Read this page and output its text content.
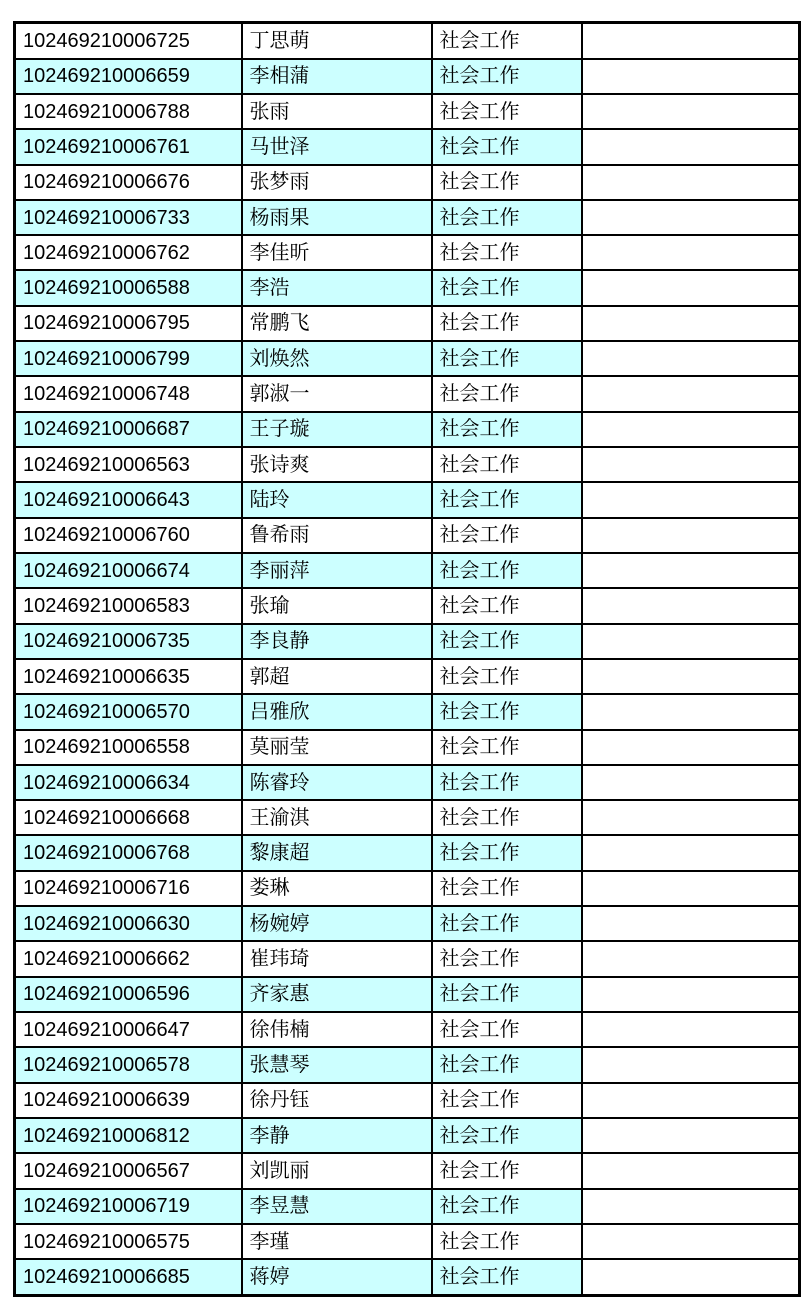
102469210006725	丁思萌	社会工作	
102469210006659	李相蒲	社会工作	
102469210006788	张雨	社会工作	
102469210006761	马世泽	社会工作	
102469210006676	张梦雨	社会工作	
102469210006733	杨雨果	社会工作	
102469210006762	李佳昕	社会工作	
102469210006588	李浩	社会工作	
102469210006795	常鹏飞	社会工作	
102469210006799	刘焕然	社会工作	
102469210006748	郭淑一	社会工作	
102469210006687	王子璇	社会工作	
102469210006563	张诗爽	社会工作	
102469210006643	陆玲	社会工作	
102469210006760	鲁希雨	社会工作	
102469210006674	李丽萍	社会工作	
102469210006583	张瑜	社会工作	
102469210006735	李良静	社会工作	
102469210006635	郭超	社会工作	
102469210006570	吕雅欣	社会工作	
102469210006558	莫丽莹	社会工作	
102469210006634	陈睿玲	社会工作	
102469210006668	王渝淇	社会工作	
102469210006768	黎康超	社会工作	
102469210006716	娄琳	社会工作	
102469210006630	杨婉婷	社会工作	
102469210006662	崔玮琦	社会工作	
102469210006596	齐家惠	社会工作	
102469210006647	徐伟楠	社会工作	
102469210006578	张慧琴	社会工作	
102469210006639	徐丹钰	社会工作	
102469210006812	李静	社会工作	
102469210006567	刘凯丽	社会工作	
102469210006719	李昱慧	社会工作	
102469210006575	李瑾	社会工作	
102469210006685	蒋婷	社会工作	
